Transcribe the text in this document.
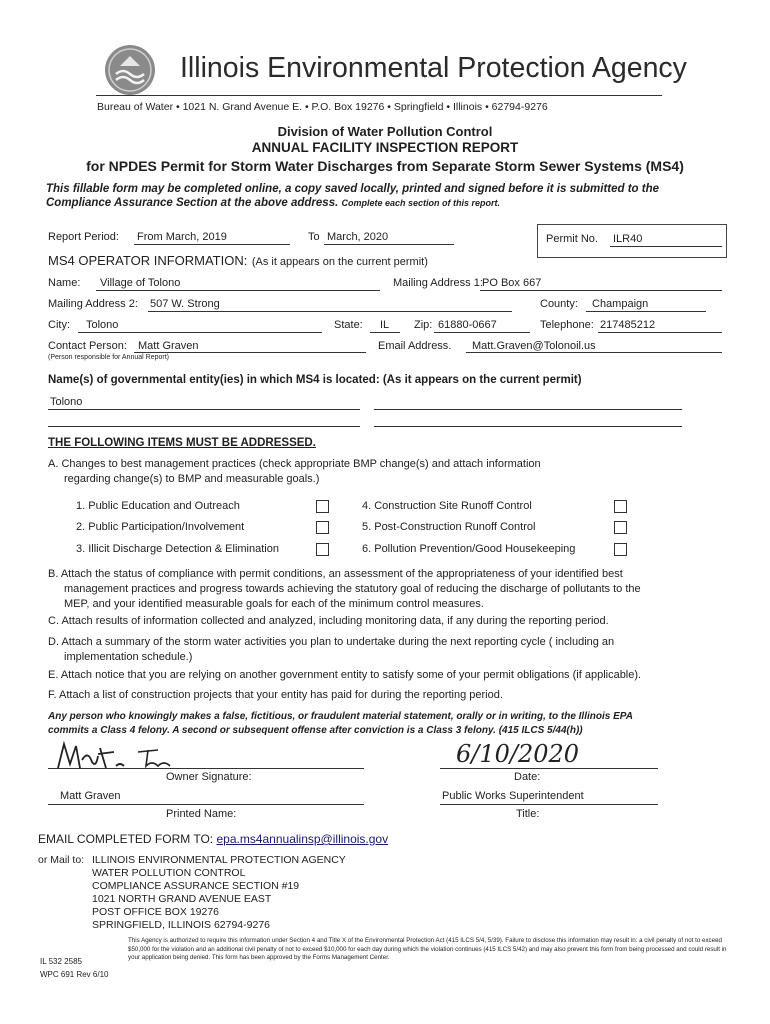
Illinois Environmental Protection Agency
Bureau of Water • 1021 N. Grand Avenue E. • P.O. Box 19276 • Springfield • Illinois • 62794-9276
Division of Water Pollution Control
ANNUAL FACILITY INSPECTION REPORT
for NPDES Permit for Storm Water Discharges from Separate Storm Sewer Systems (MS4)
This fillable form may be completed online, a copy saved locally, printed and signed before it is submitted to the Compliance Assurance Section at the above address. Complete each section of this report.
Report Period: From March, 2019	To March, 2020	Permit No. ILR40
MS4 OPERATOR INFORMATION: (As it appears on the current permit)
Name: Village of Tolono	Mailing Address 1: PO Box 667
Mailing Address 2: 507 W. Strong	County: Champaign
City: Tolono	State: IL Zip: 61880-0667	Telephone: 217485212
Contact Person: Matt Graven
(Person responsible for Annual Report)
Email Address. Matt.Graven@Tolonoil.us
Name(s) of governmental entity(ies) in which MS4 is located: (As it appears on the current permit)
Tolono
THE FOLLOWING ITEMS MUST BE ADDRESSED.
A. Changes to best management practices (check appropriate BMP change(s) and attach information
regarding change(s) to BMP and measurable goals.)
1. Public Education and Outreach
2. Public Participation/Involvement
3. Illicit Discharge Detection & Elimination
4. Construction Site Runoff Control
5. Post-Construction Runoff Control
6. Pollution Prevention/Good Housekeeping
B. Attach the status of compliance with permit conditions, an assessment of the appropriateness of your identified best
management practices and progress towards achieving the statutory goal of reducing the discharge of pollutants to the
MEP, and your identified measurable goals for each of the minimum control measures.
C. Attach results of information collected and analyzed, including monitoring data, if any during the reporting period.
D. Attach a summary of the storm water activities you plan to undertake during the next reporting cycle ( including an
implementation schedule.)
E. Attach notice that you are relying on another government entity to satisfy some of your permit obligations (if applicable).
F. Attach a list of construction projects that your entity has paid for during the reporting period.
Any person who knowingly makes a false, fictitious, or fraudulent material statement, orally or in writing, to the Illinois EPA
commits a Class 4 felony. A second or subsequent offense after conviction is a Class 3 felony. (415 ILCS 5/44(h))
Owner Signature:
6/10/2020
Date:
Matt Graven
Printed Name:
Public Works Superintendent
Title:
EMAIL COMPLETED FORM TO: epa.ms4annualinsp@illinois.gov
or Mail to: ILLINOIS ENVIRONMENTAL PROTECTION AGENCY
WATER POLLUTION CONTROL
COMPLIANCE ASSURANCE SECTION #19
1021 NORTH GRAND AVENUE EAST
POST OFFICE BOX 19276
SPRINGFIELD, ILLINOIS 62794-9276
IL 532 2585
WPC 691 Rev 6/10
This Agency is authorized to require this information under Section 4 and Title X of the Environmental Protection Act (415 ILCS 5/4, 5/39). Failure to disclose this information may result in: a civil penalty of not to exceed $50,000 for the violation and an additional civil penalty of not to exceed $10,000 for each day during which the violation continues (415 ILCS 5/42) and may also prevent this form from being processed and could result in your application being denied. This form has been approved by the Forms Management Center.
